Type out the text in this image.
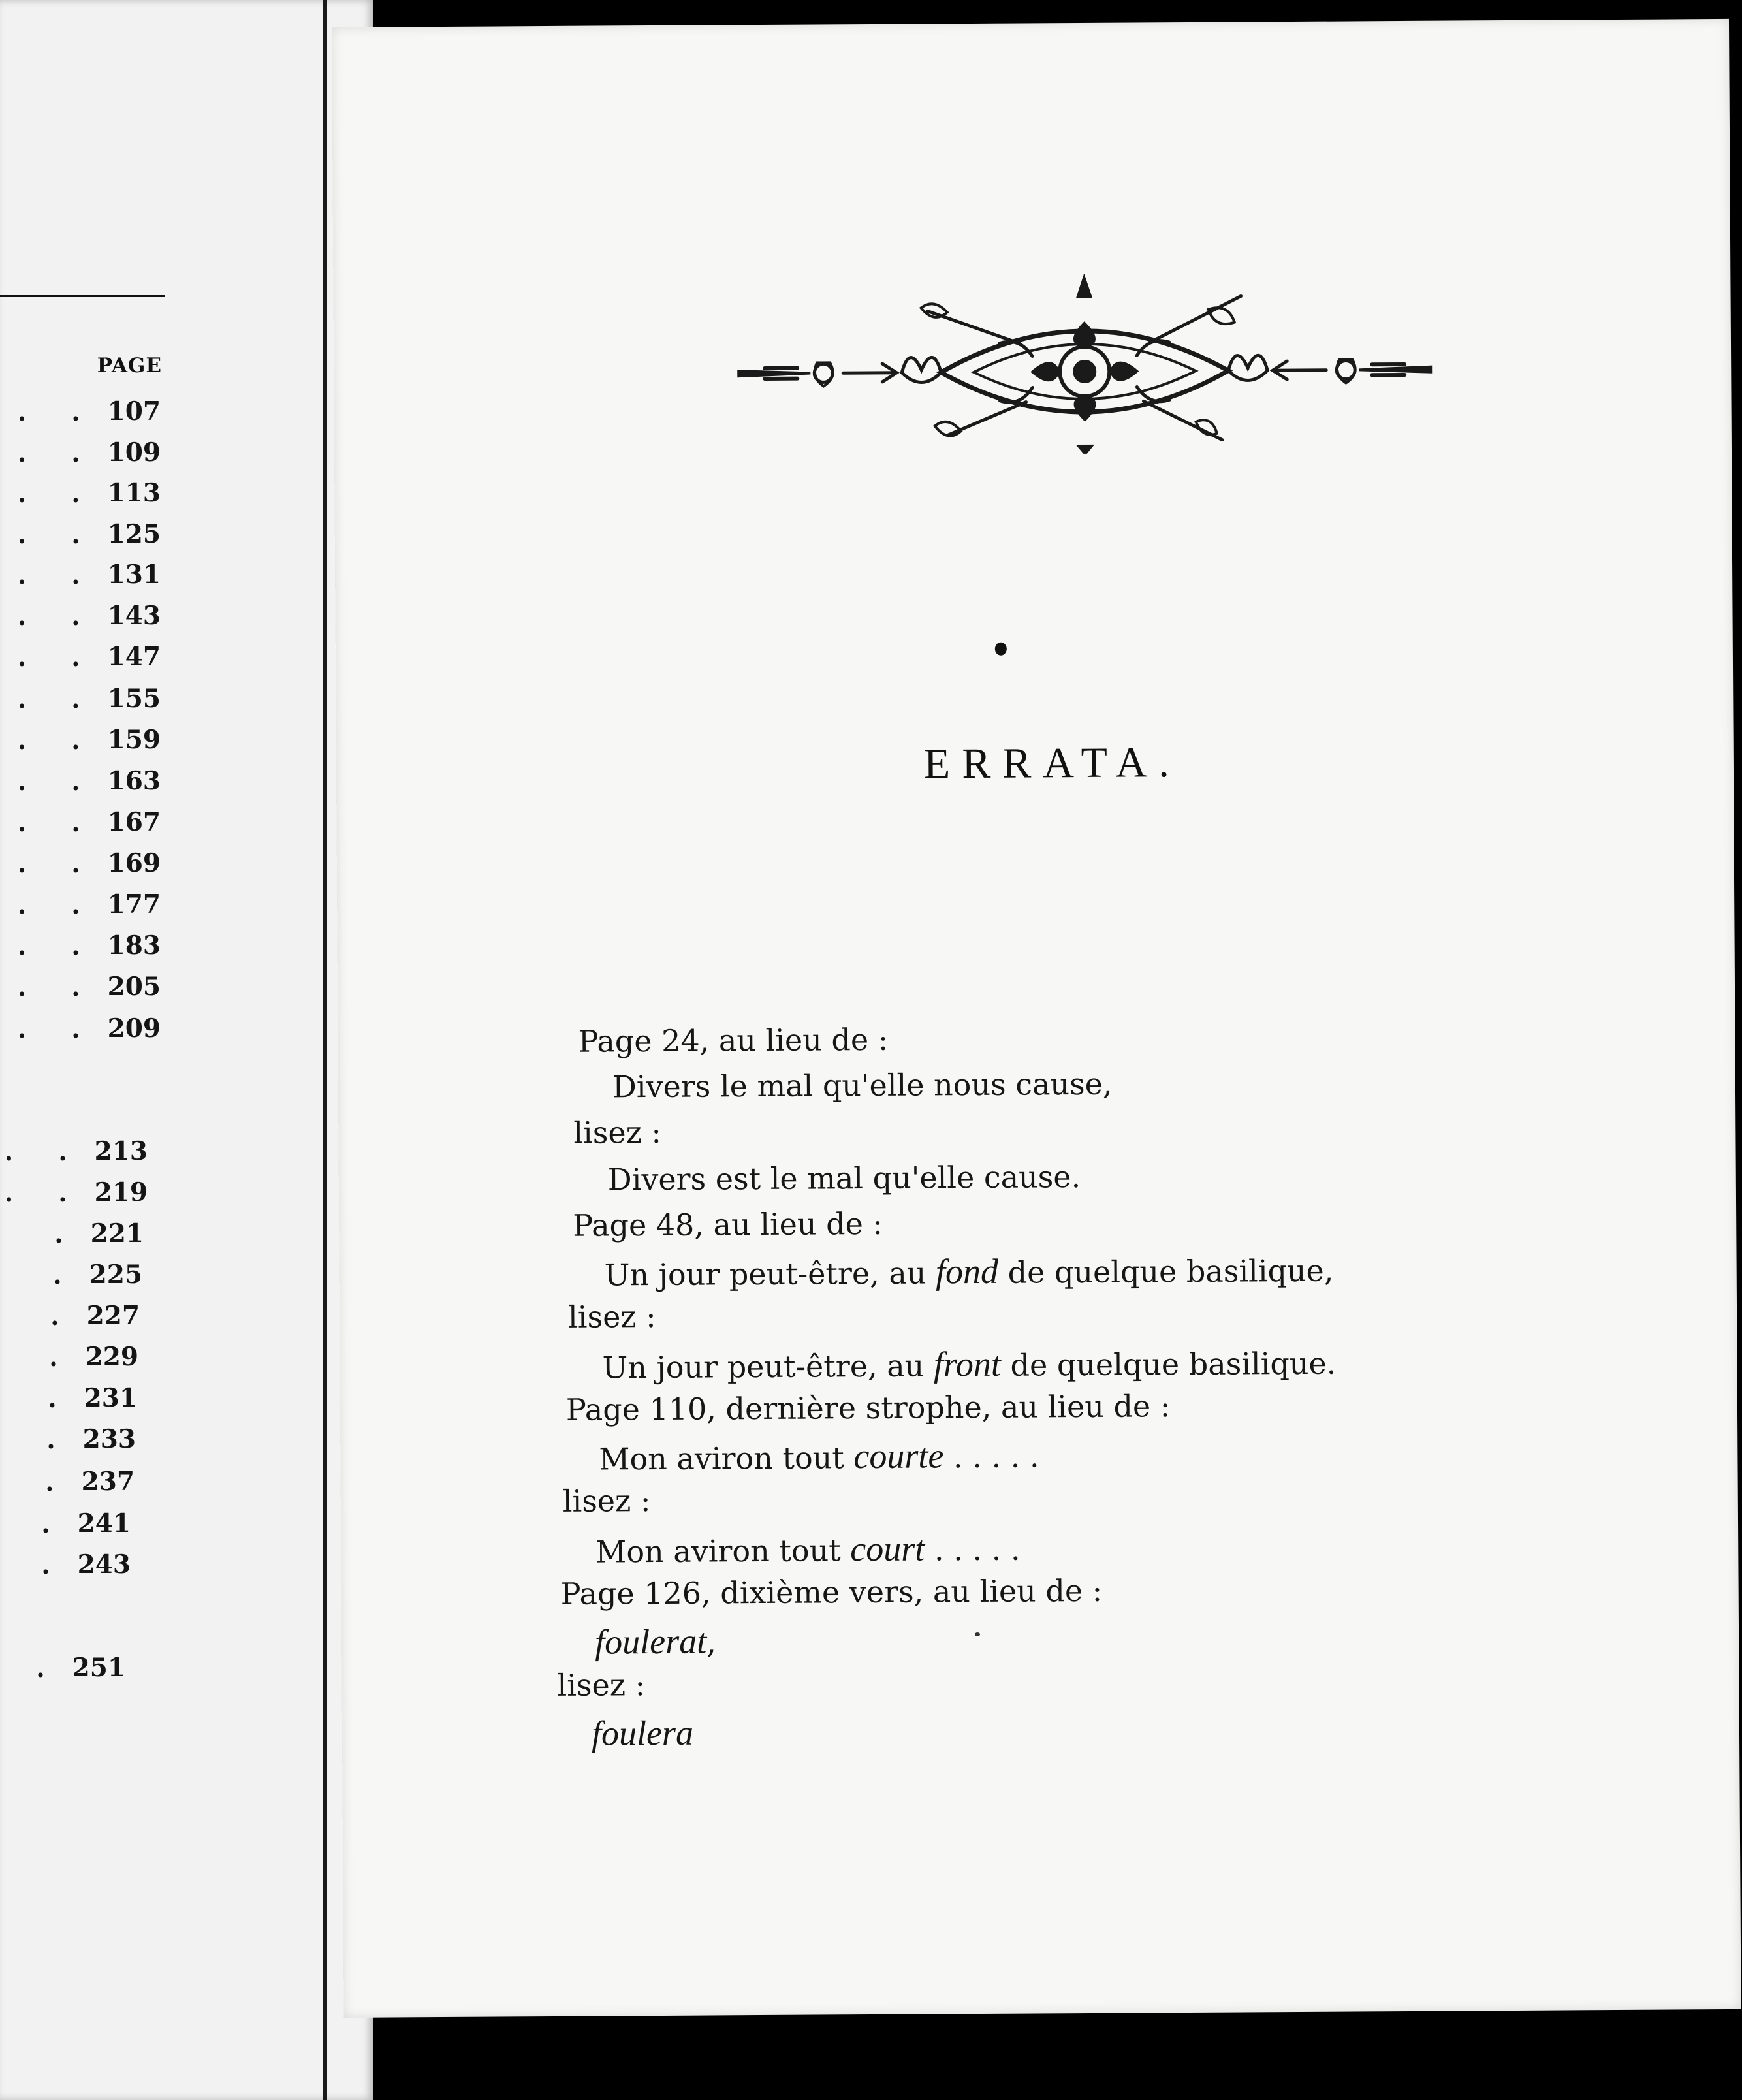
PAGE
. . 107
. . 109
. . 113
. . 125
. . 131
. . 143
. . 147
. . 155
. . 159
. . 163
. . 167
. . 169
. . 177
. . 183
. . 205
. . 209
. . 213
. . 219
. 221
. 225
. 227
. 229
. 231
. 233
. 237
. 241
. 243
. 251
ERRATA.
Page 24, au lieu de :
Divers le mal qu'elle nous cause,
lisez :
Divers est le mal qu'elle cause.
Page 48, au lieu de :
Un jour peut-être, au fond de quelque basilique,
lisez :
Un jour peut-être, au front de quelque basilique.
Page 110, dernière strophe, au lieu de :
Mon aviron tout courte . . . . .
lisez :
Mon aviron tout court . . . . .
Page 126, dixième vers, au lieu de :
foulerat,
lisez :
foulera
